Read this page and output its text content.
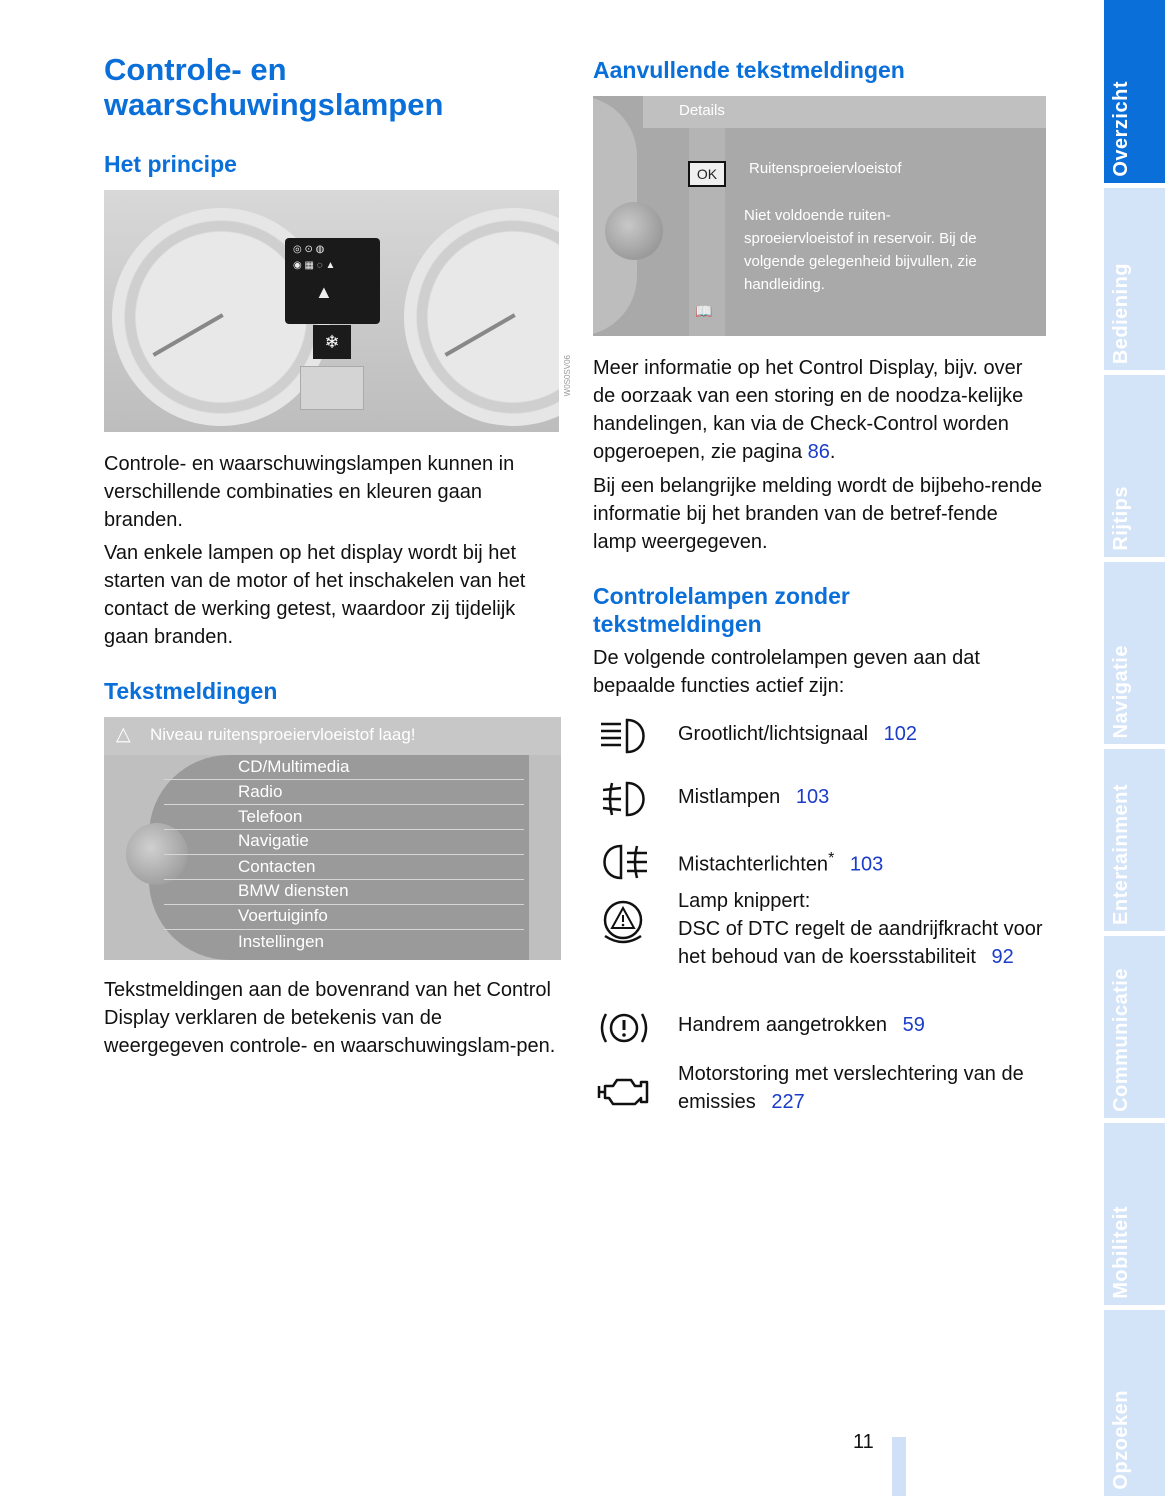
Controle- en waarschuwingslampen
Het principe
◎ ⊙ ◍
◉ ▦ ◌ ▲
▲
❄
W0S0SV06

Controle- en waarschuwingslampen kunnen in verschillende combinaties en kleuren gaan branden.

Van enkele lampen op het display wordt bij het starten van de motor of het inschakelen van het contact de werking getest, waardoor zij tijdelijk gaan branden.

Tekstmeldingen
△ Niveau ruitensproeiervloeistof laag!
CD/Multimedia
Radio
Telefoon
Navigatie
Contacten
BMW diensten
Voertuiginfo
Instellingen

Tekstmeldingen aan de bovenrand van het Control Display verklaren de betekenis van de weergegeven controle- en waarschuwingslam-pen.

Aanvullende tekstmeldingen
Details
OK	Ruitensproeiervloeistof
Niet voldoende ruiten-sproeiervloeistof in reservoir. Bij de volgende gelegenheid bijvullen, zie handleiding.
📖

Meer informatie op het Control Display, bijv. over de oorzaak van een storing en de noodza-kelijke handelingen, kan via de Check-Control worden opgeroepen, zie pagina 86.

Bij een belangrijke melding wordt de bijbeho-rende informatie bij het branden van de betref-fende lamp weergegeven.

Controlelampen zonder tekstmeldingen

De volgende controlelampen geven aan dat bepaalde functies actief zijn:

Grootlicht/lichtsignaal 102
Mistlampen 103
Mistachterlichten* 103
Lamp knippert:
DSC of DTC regelt de aandrijfkracht voor het behoud van de koersstabiliteit 92
Handrem aangetrokken 59
Motorstoring met verslechtering van de emissies 227
Overzicht
Bediening
Rijtips
Navigatie
Entertainment
Communicatie
Mobiliteit
Opzoeken
11
